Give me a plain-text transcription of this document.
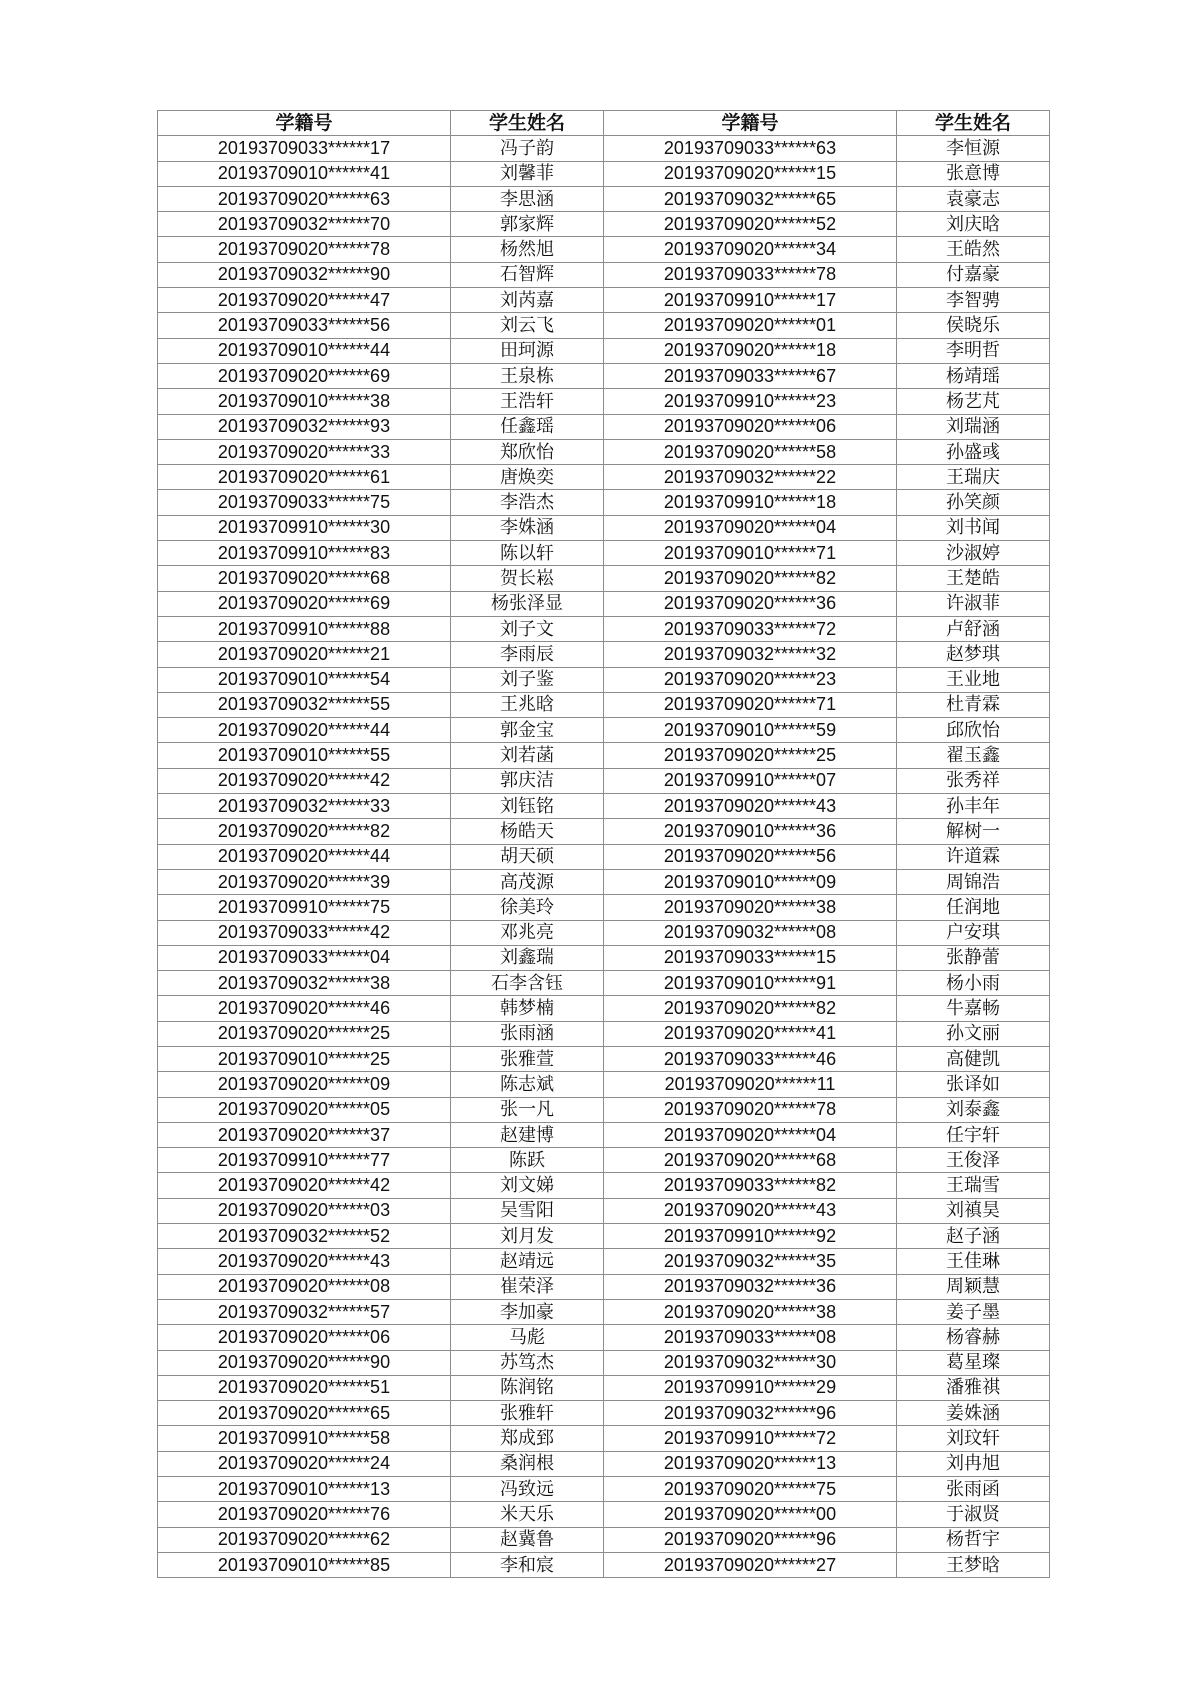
学籍号	学生姓名	学籍号	学生姓名
20193709033******17	冯子韵	20193709033******63	李恒源
20193709010******41	刘馨菲	20193709020******15	张意博
20193709020******63	李思涵	20193709032******65	袁豪志
20193709032******70	郭家辉	20193709020******52	刘庆晗
20193709020******78	杨然旭	20193709020******34	王皓然
20193709032******90	石智辉	20193709033******78	付嘉豪
20193709020******47	刘芮嘉	20193709910******17	李智骋
20193709033******56	刘云飞	20193709020******01	侯晓乐
20193709010******44	田珂源	20193709020******18	李明哲
20193709020******69	王泉栋	20193709033******67	杨靖瑶
20193709010******38	王浩轩	20193709910******23	杨艺芃
20193709032******93	任鑫瑶	20193709020******06	刘瑞涵
20193709020******33	郑欣怡	20193709020******58	孙盛彧
20193709020******61	唐焕奕	20193709032******22	王瑞庆
20193709033******75	李浩杰	20193709910******18	孙笑颜
20193709910******30	李姝涵	20193709020******04	刘书闻
20193709910******83	陈以轩	20193709010******71	沙淑婷
20193709020******68	贺长崧	20193709020******82	王楚皓
20193709020******69	杨张泽显	20193709020******36	许淑菲
20193709910******88	刘子文	20193709033******72	卢舒涵
20193709020******21	李雨辰	20193709032******32	赵梦琪
20193709010******54	刘子鉴	20193709020******23	王业地
20193709032******55	王兆晗	20193709020******71	杜青霖
20193709020******44	郭金宝	20193709010******59	邱欣怡
20193709010******55	刘若菡	20193709020******25	翟玉鑫
20193709020******42	郭庆洁	20193709910******07	张秀祥
20193709032******33	刘钰铭	20193709020******43	孙丰年
20193709020******82	杨皓天	20193709010******36	解树一
20193709020******44	胡天硕	20193709020******56	许道霖
20193709020******39	高茂源	20193709010******09	周锦浩
20193709910******75	徐美玲	20193709020******38	任润地
20193709033******42	邓兆亮	20193709032******08	户安琪
20193709033******04	刘鑫瑞	20193709033******15	张静蕾
20193709032******38	石李含钰	20193709010******91	杨小雨
20193709020******46	韩梦楠	20193709020******82	牛嘉畅
20193709020******25	张雨涵	20193709020******41	孙文丽
20193709010******25	张雅萱	20193709033******46	高健凯
20193709020******09	陈志斌	20193709020******11	张译如
20193709020******05	张一凡	20193709020******78	刘泰鑫
20193709020******37	赵建博	20193709020******04	任宇轩
20193709910******77	陈跃	20193709020******68	王俊泽
20193709020******42	刘文娣	20193709033******82	王瑞雪
20193709020******03	吴雪阳	20193709020******43	刘禛昊
20193709032******52	刘月发	20193709910******92	赵子涵
20193709020******43	赵靖远	20193709032******35	王佳琳
20193709020******08	崔荣泽	20193709032******36	周颖慧
20193709032******57	李加豪	20193709020******38	姜子墨
20193709020******06	马彪	20193709033******08	杨睿赫
20193709020******90	苏笃杰	20193709032******30	葛星璨
20193709020******51	陈润铭	20193709910******29	潘雅祺
20193709020******65	张雅轩	20193709032******96	姜姝涵
20193709910******58	郑成郅	20193709910******72	刘玟轩
20193709020******24	桑润根	20193709020******13	刘冉旭
20193709010******13	冯致远	20193709020******75	张雨函
20193709020******76	米天乐	20193709020******00	于淑贤
20193709020******62	赵冀鲁	20193709020******96	杨哲宇
20193709010******85	李和宸	20193709020******27	王梦晗
